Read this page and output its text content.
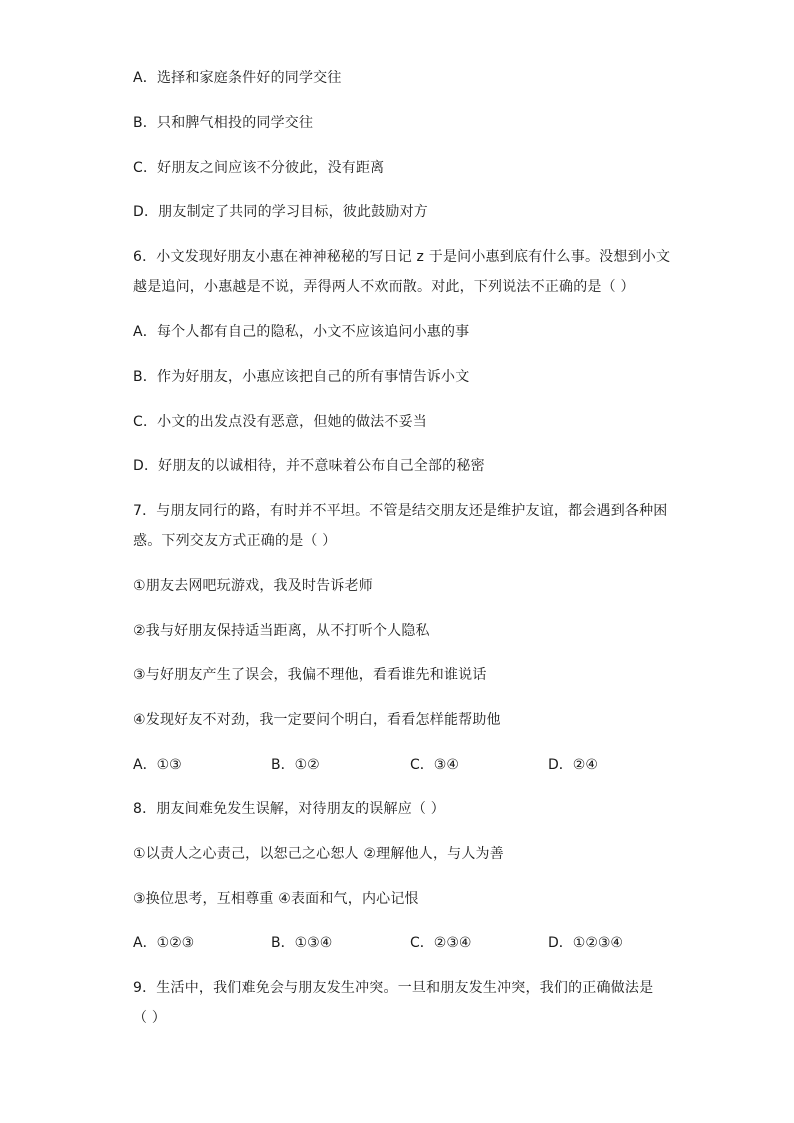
A．选择和家庭条件好的同学交往
B．只和脾气相投的同学交往
C．好朋友之间应该不分彼此，没有距离
D．朋友制定了共同的学习目标，彼此鼓励对方
6．小文发现好朋友小惠在神神秘秘的写日记 z 于是问小惠到底有什么事。没想到小文
越是追问，小惠越是不说，弄得两人不欢而散。对此，下列说法不正确的是（ ）
A．每个人都有自己的隐私，小文不应该追问小惠的事
B．作为好朋友，小惠应该把自己的所有事情告诉小文
C．小文的出发点没有恶意，但她的做法不妥当
D．好朋友的以诚相待，并不意味着公布自己全部的秘密
7．与朋友同行的路，有时并不平坦。不管是结交朋友还是维护友谊，都会遇到各种困
惑。下列交友方式正确的是（ ）
①朋友去网吧玩游戏，我及时告诉老师
②我与好朋友保持适当距离，从不打听个人隐私
③与好朋友产生了误会，我偏不理他，看看谁先和谁说话
④发现好友不对劲，我一定要问个明白，看看怎样能帮助他
A．①③	B．①②	C．③④	D．②④
8．朋友间难免发生误解，对待朋友的误解应（ ）
①以责人之心责己，以恕己之心恕人 ②理解他人，与人为善
③换位思考，互相尊重 ④表面和气，内心记恨
A．①②③	B．①③④	C．②③④	D．①②③④
9．生活中，我们难免会与朋友发生冲突。一旦和朋友发生冲突，我们的正确做法是
（ ）
